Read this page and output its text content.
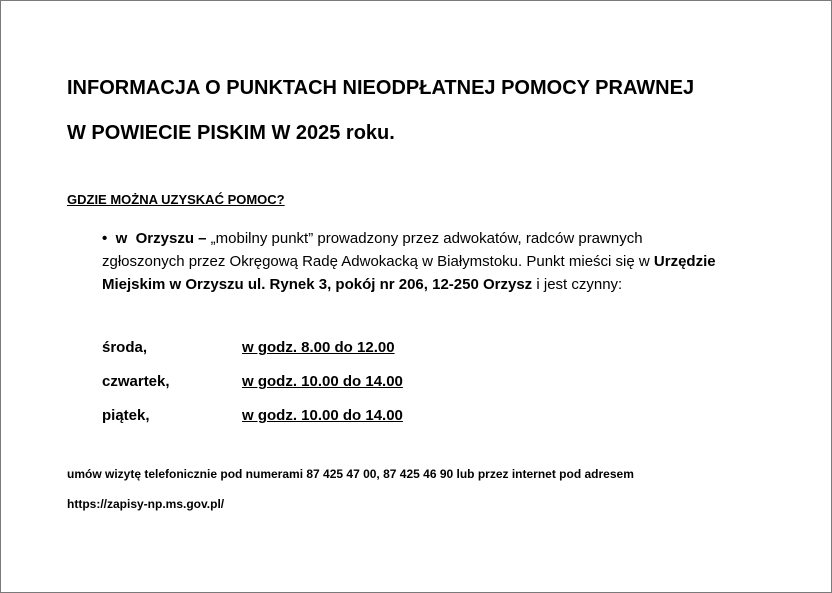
INFORMACJA O PUNKTACH NIEODPŁATNEJ POMOCY PRAWNEJ
W POWIECIE PISKIM W 2025 roku.
GDZIE MOŻNA UZYSKAĆ POMOC?
• w Orzyszu – „mobilny punkt” prowadzony przez adwokatów, radców prawnych
zgłoszonych przez Okręgową Radę Adwokacką w Białymstoku. Punkt mieści się w Urzędzie
Miejskim w Orzyszu ul. Rynek 3, pokój nr 206, 12-250 Orzysz i jest czynny:
środa,	w godz. 8.00 do 12.00
czwartek,	w godz. 10.00 do 14.00
piątek,	w godz. 10.00 do 14.00
umów wizytę telefonicznie pod numerami 87 425 47 00, 87 425 46 90 lub przez internet pod adresem
https://zapisy-np.ms.gov.pl/
